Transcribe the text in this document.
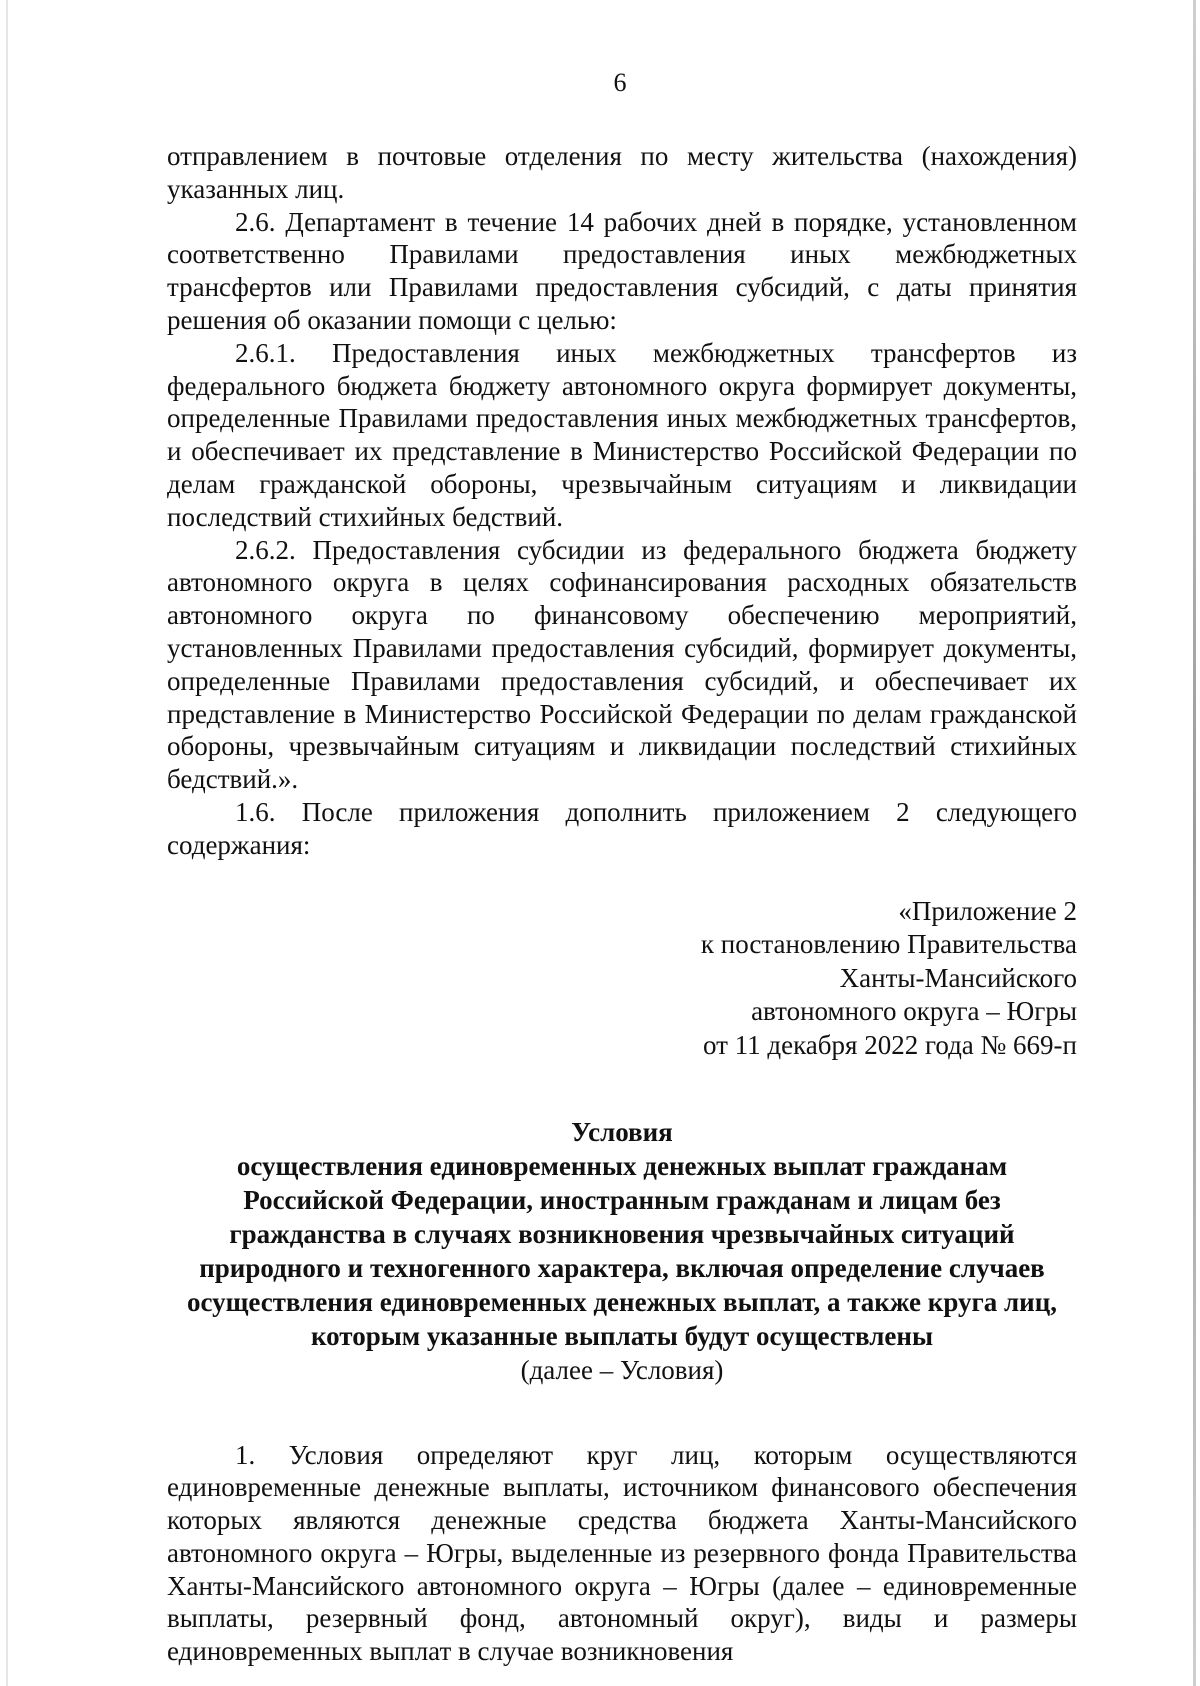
6

отправлением в почтовые отделения по месту жительства (нахождения) указанных лиц.

2.6. Департамент в течение 14 рабочих дней в порядке, установленном соответственно Правилами предоставления иных межбюджетных трансфертов или Правилами предоставления субсидий, с даты принятия решения об оказании помощи с целью:

2.6.1. Предоставления иных межбюджетных трансфертов из федерального бюджета бюджету автономного округа формирует документы, определенные Правилами предоставления иных межбюджетных трансфертов, и обеспечивает их представление в Министерство Российской Федерации по делам гражданской обороны, чрезвычайным ситуациям и ликвидации последствий стихийных бедствий.

2.6.2. Предоставления субсидии из федерального бюджета бюджету автономного округа в целях софинансирования расходных обязательств автономного округа по финансовому обеспечению мероприятий, установленных Правилами предоставления субсидий, формирует документы, определенные Правилами предоставления субсидий, и обеспечивает их представление в Министерство Российской Федерации по делам гражданской обороны, чрезвычайным ситуациям и ликвидации последствий стихийных бедствий.».

1.6. После приложения дополнить приложением 2 следующего содержания:

«Приложение 2
к постановлению Правительства
Ханты-Мансийского
автономного округа – Югры
от 11 декабря 2022 года № 669-п
Условия
осуществления единовременных денежных выплат гражданам
Российской Федерации, иностранным гражданам и лицам без
гражданства в случаях возникновения чрезвычайных ситуаций
природного и техногенного характера, включая определение случаев
осуществления единовременных денежных выплат, а также круга лиц,
которым указанные выплаты будут осуществлены
(далее – Условия)

1. Условия определяют круг лиц, которым осуществляются единовременные денежные выплаты, источником финансового обеспечения которых являются денежные средства бюджета Ханты-Мансийского автономного округа – Югры, выделенные из резервного фонда Правительства Ханты-Мансийского автономного округа – Югры (далее – единовременные выплаты, резервный фонд, автономный округ), виды и размеры единовременных выплат в случае возникновения
